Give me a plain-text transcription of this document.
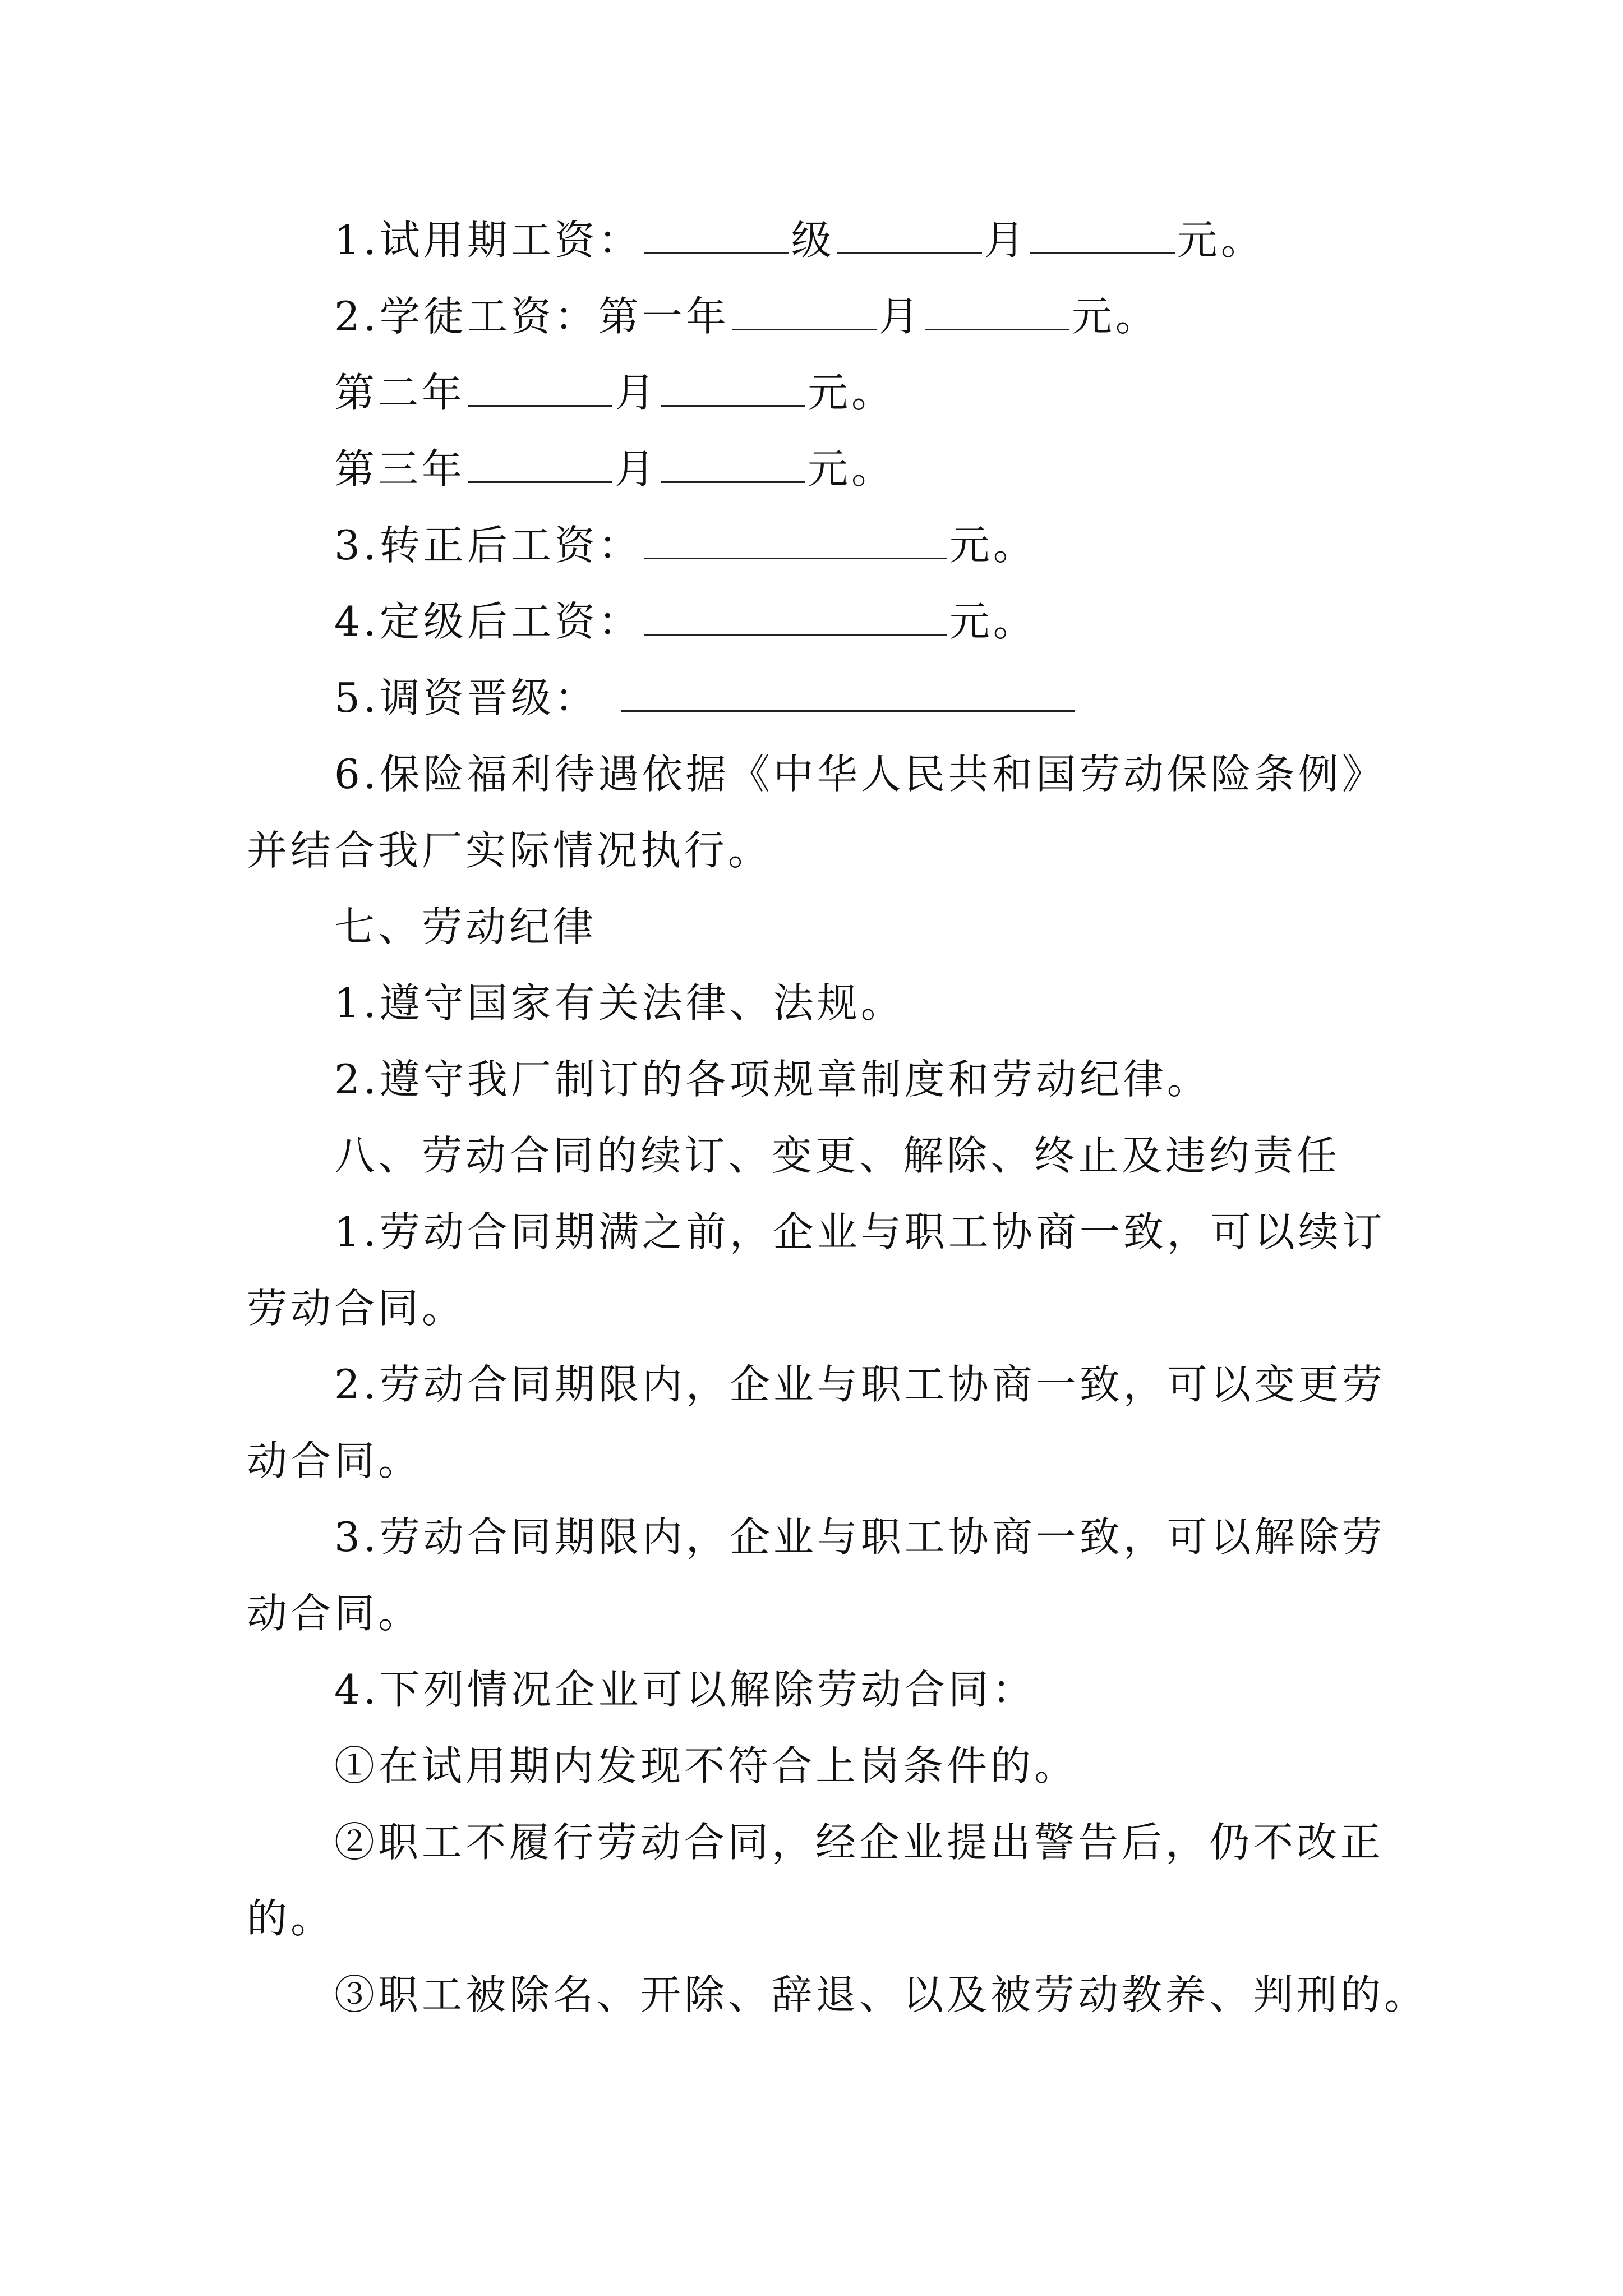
1.试用期工资：	级	月	元。
2.学徒工资：第一年	月	元。
第二年	月	元。
第三年	月	元。
3.转正后工资：	元。
4.定级后工资：	元。
5.调资晋级：
6.保险福利待遇依据《中华人民共和国劳动保险条例》
并结合我厂实际情况执行。
七、劳动纪律
1.遵守国家有关法律、法规。
2.遵守我厂制订的各项规章制度和劳动纪律。
八、劳动合同的续订、变更、解除、终止及违约责任
1.劳动合同期满之前，企业与职工协商一致，可以续订
劳动合同。
2.劳动合同期限内，企业与职工协商一致，可以变更劳
动合同。
3.劳动合同期限内，企业与职工协商一致，可以解除劳
动合同。
4.下列情况企业可以解除劳动合同：
①在试用期内发现不符合上岗条件的。
②职工不履行劳动合同，经企业提出警告后，仍不改正
的。
③职工被除名、开除、辞退、以及被劳动教养、判刑的。
